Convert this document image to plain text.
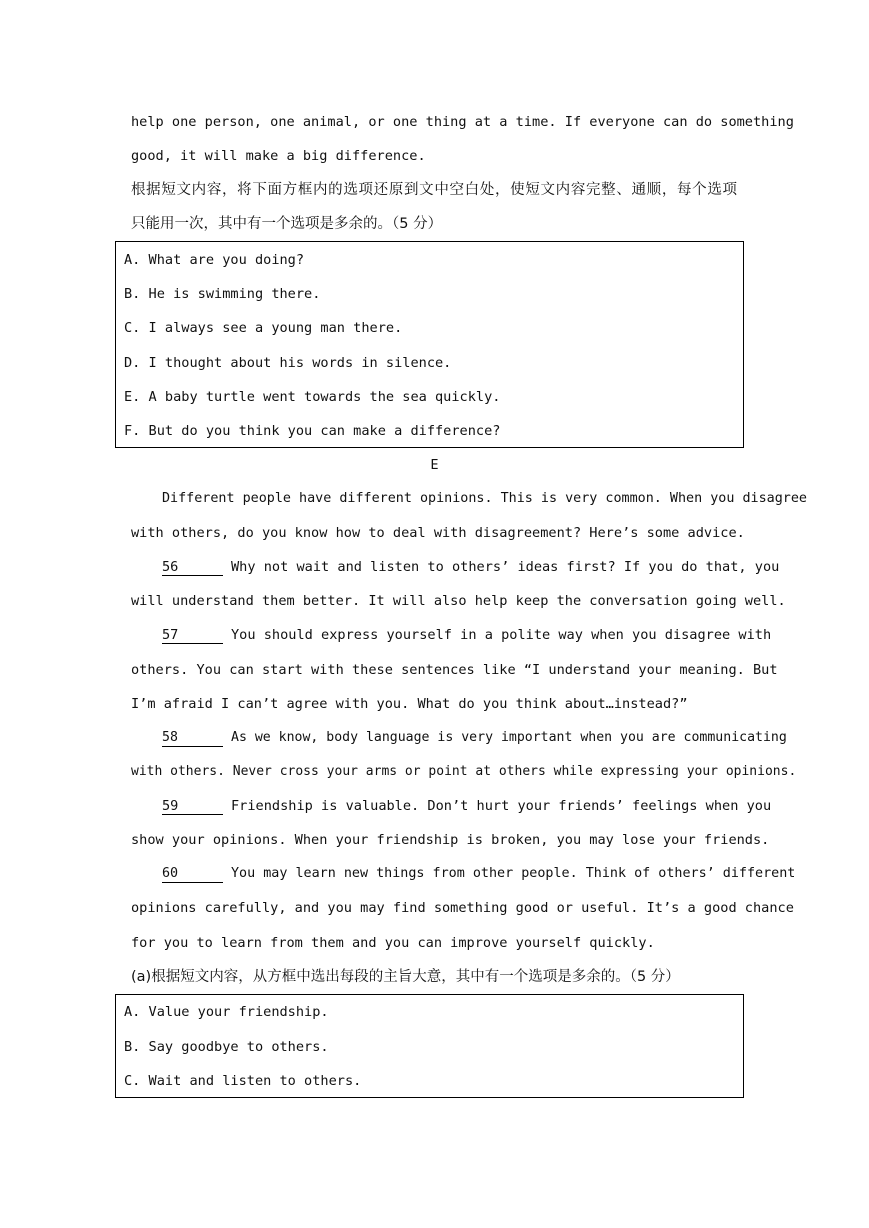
help one person, one animal, or one thing at a time. If everyone can do something
good, it will make a big difference.
根据短文内容，将下面方框内的选项还原到文中空白处，使短文内容完整、通顺，每个选项
只能用一次，其中有一个选项是多余的。（5 分）
A. What are you doing?
B. He is swimming there.
C. I always see a young man there.
D. I thought about his words in silence.
E. A baby turtle went towards the sea quickly.
F. But do you think you can make a difference?
E
Different people have different opinions. This is very common. When you disagree
with others, do you know how to deal with disagreement? Here’s some advice.
56	Why not wait and listen to others’ ideas first? If you do that, you
will understand them better. It will also help keep the conversation going well.
57	You should express yourself in a polite way when you disagree with
others. You can start with these sentences like “I understand your meaning. But
I’m afraid I can’t agree with you. What do you think about…instead?”
58	As we know, body language is very important when you are communicating
with others. Never cross your arms or point at others while expressing your opinions.
59	Friendship is valuable. Don’t hurt your friends’ feelings when you
show your opinions. When your friendship is broken, you may lose your friends.
60	You may learn new things from other people. Think of others’ different
opinions carefully, and you may find something good or useful. It’s a good chance
for you to learn from them and you can improve yourself quickly.
(a)根据短文内容，从方框中选出每段的主旨大意，其中有一个选项是多余的。（5 分）
A. Value your friendship.
B. Say goodbye to others.
C. Wait and listen to others.
